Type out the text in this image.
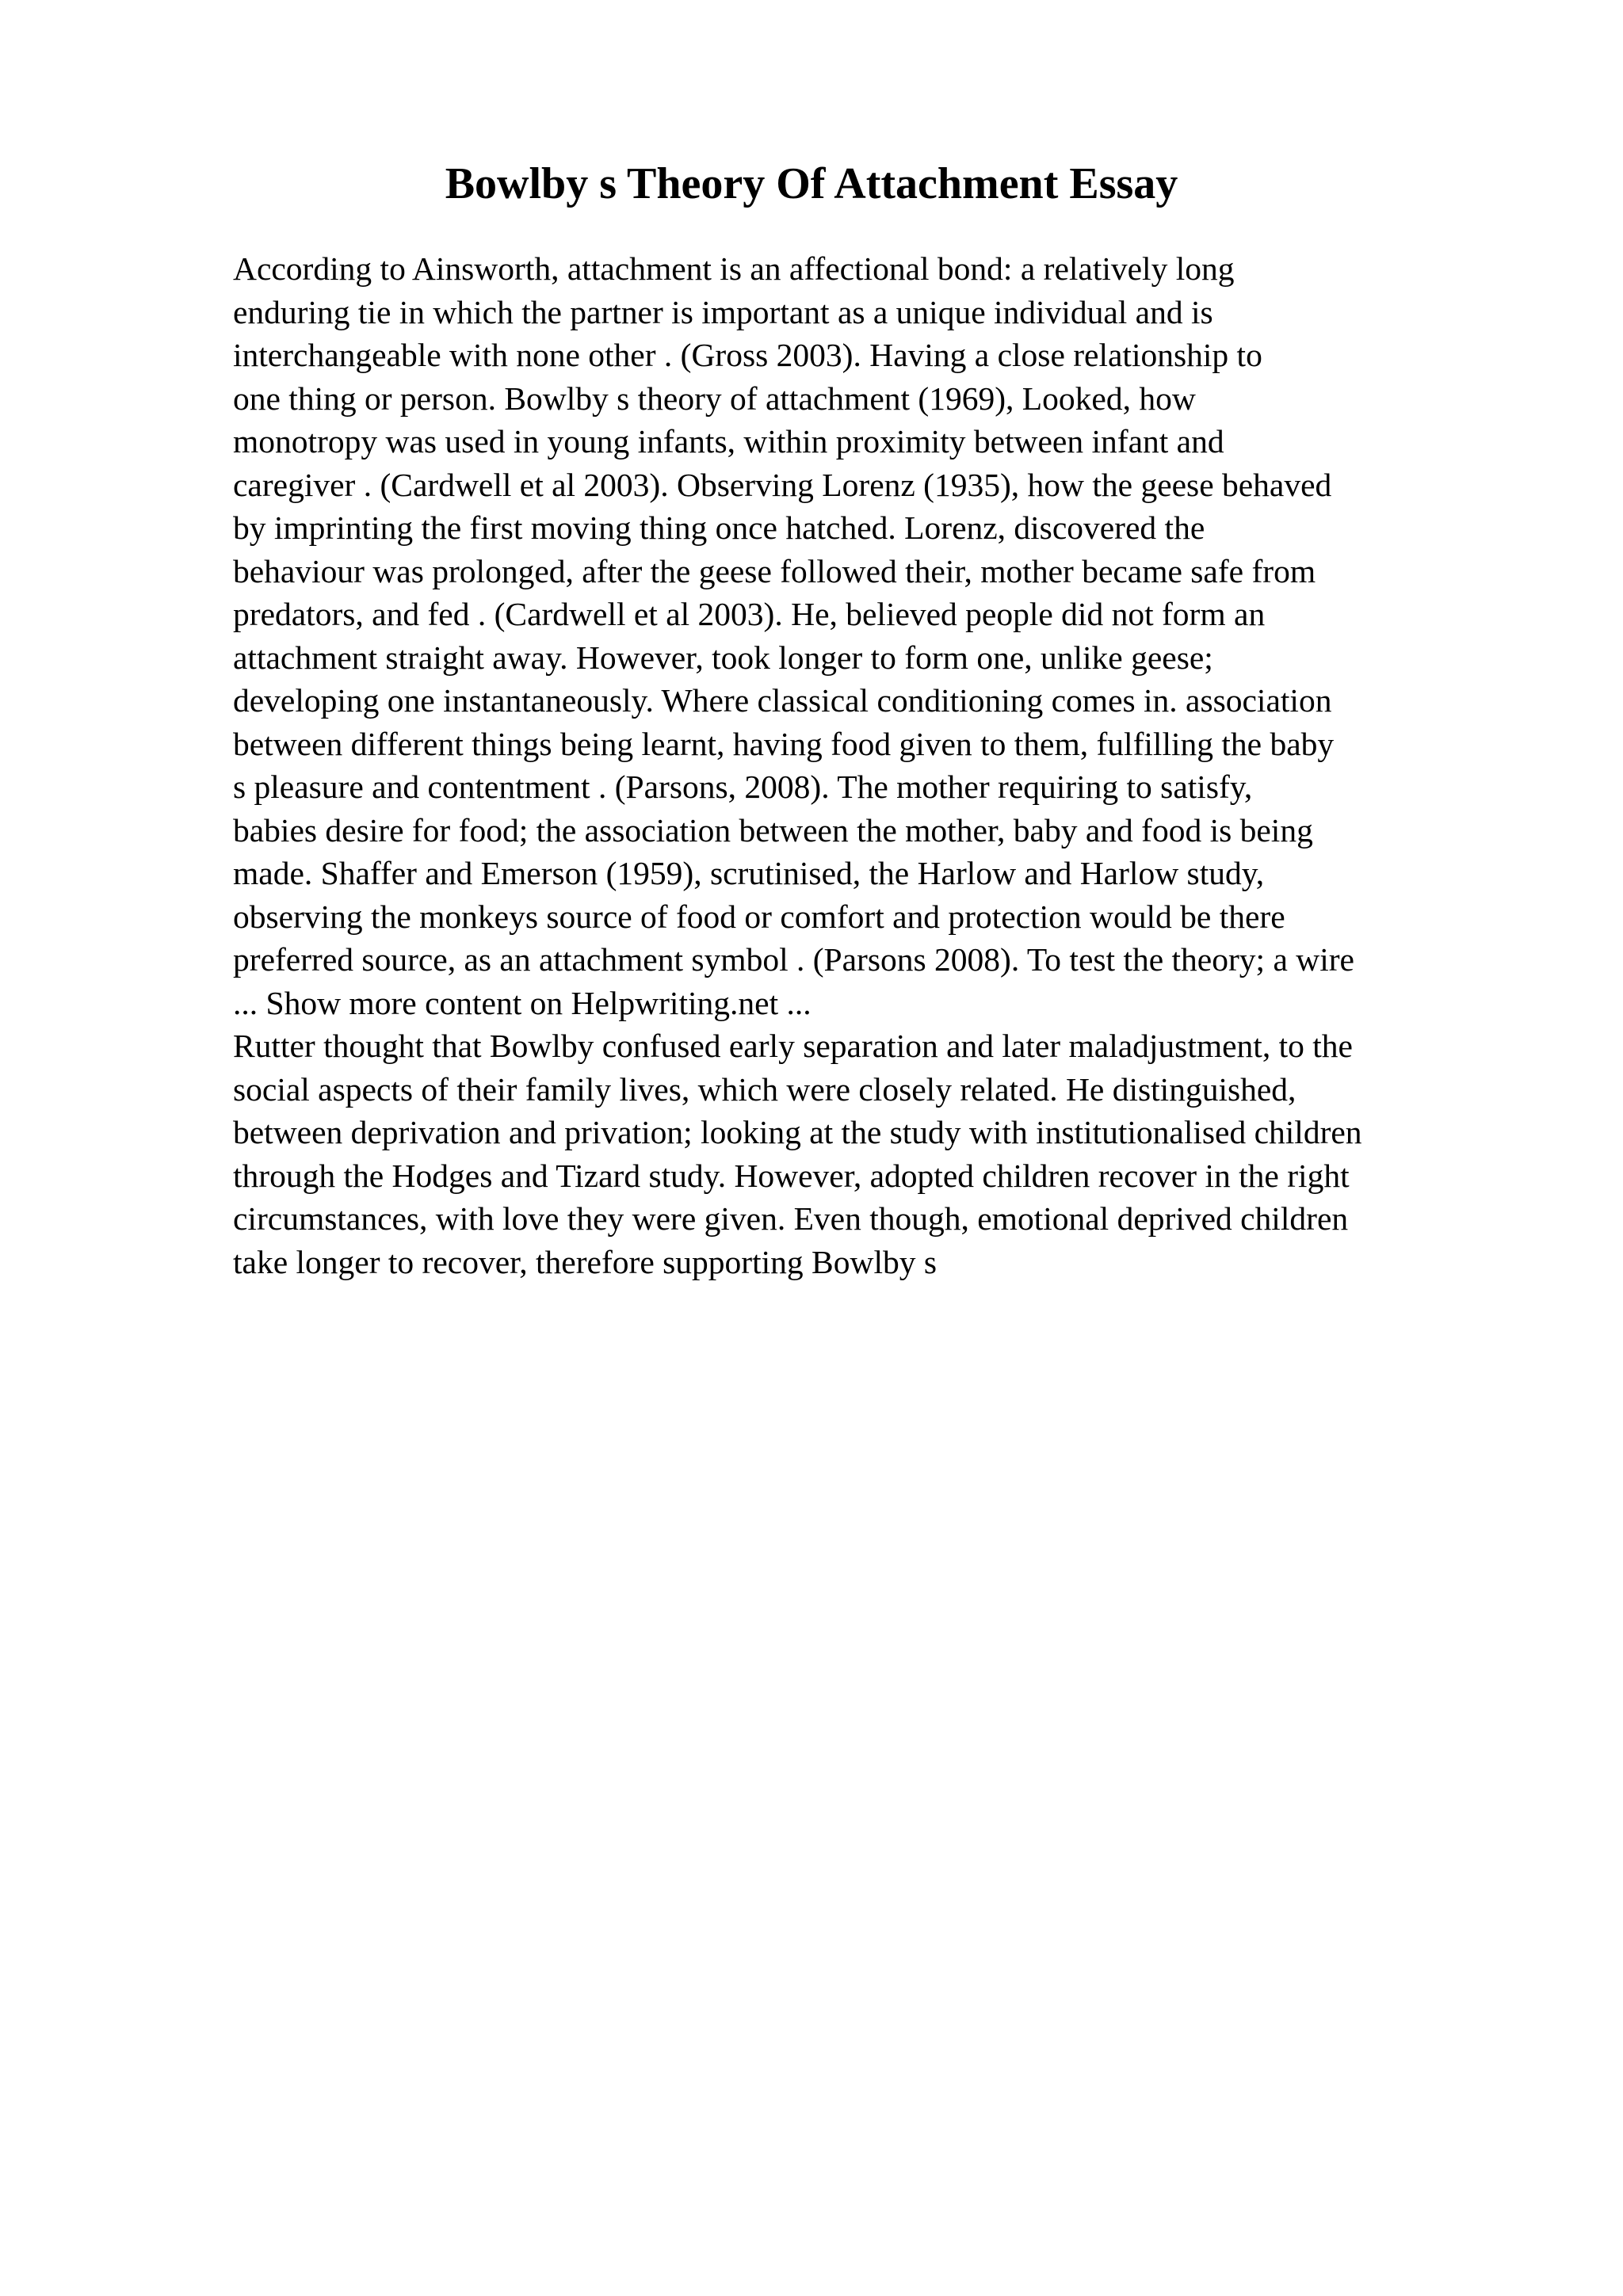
Bowlby s Theory Of Attachment Essay
According to Ainsworth, attachment is an affectional bond: a relatively long
enduring tie in which the partner is important as a unique individual and is
interchangeable with none other . (Gross 2003). Having a close relationship to
one thing or person. Bowlby s theory of attachment (1969), Looked, how
monotropy was used in young infants, within proximity between infant and
caregiver . (Cardwell et al 2003). Observing Lorenz (1935), how the geese behaved
by imprinting the first moving thing once hatched. Lorenz, discovered the
behaviour was prolonged, after the geese followed their, mother became safe from
predators, and fed . (Cardwell et al 2003). He, believed people did not form an
attachment straight away. However, took longer to form one, unlike geese;
developing one instantaneously. Where classical conditioning comes in. association
between different things being learnt, having food given to them, fulfilling the baby
s pleasure and contentment . (Parsons, 2008). The mother requiring to satisfy,
babies desire for food; the association between the mother, baby and food is being
made. Shaffer and Emerson (1959), scrutinised, the Harlow and Harlow study,
observing the monkeys source of food or comfort and protection would be there
preferred source, as an attachment symbol . (Parsons 2008). To test the theory; a wire
... Show more content on Helpwriting.net ...
Rutter thought that Bowlby confused early separation and later maladjustment, to the
social aspects of their family lives, which were closely related. He distinguished,
between deprivation and privation; looking at the study with institutionalised children
through the Hodges and Tizard study. However, adopted children recover in the right
circumstances, with love they were given. Even though, emotional deprived children
take longer to recover, therefore supporting Bowlby s
